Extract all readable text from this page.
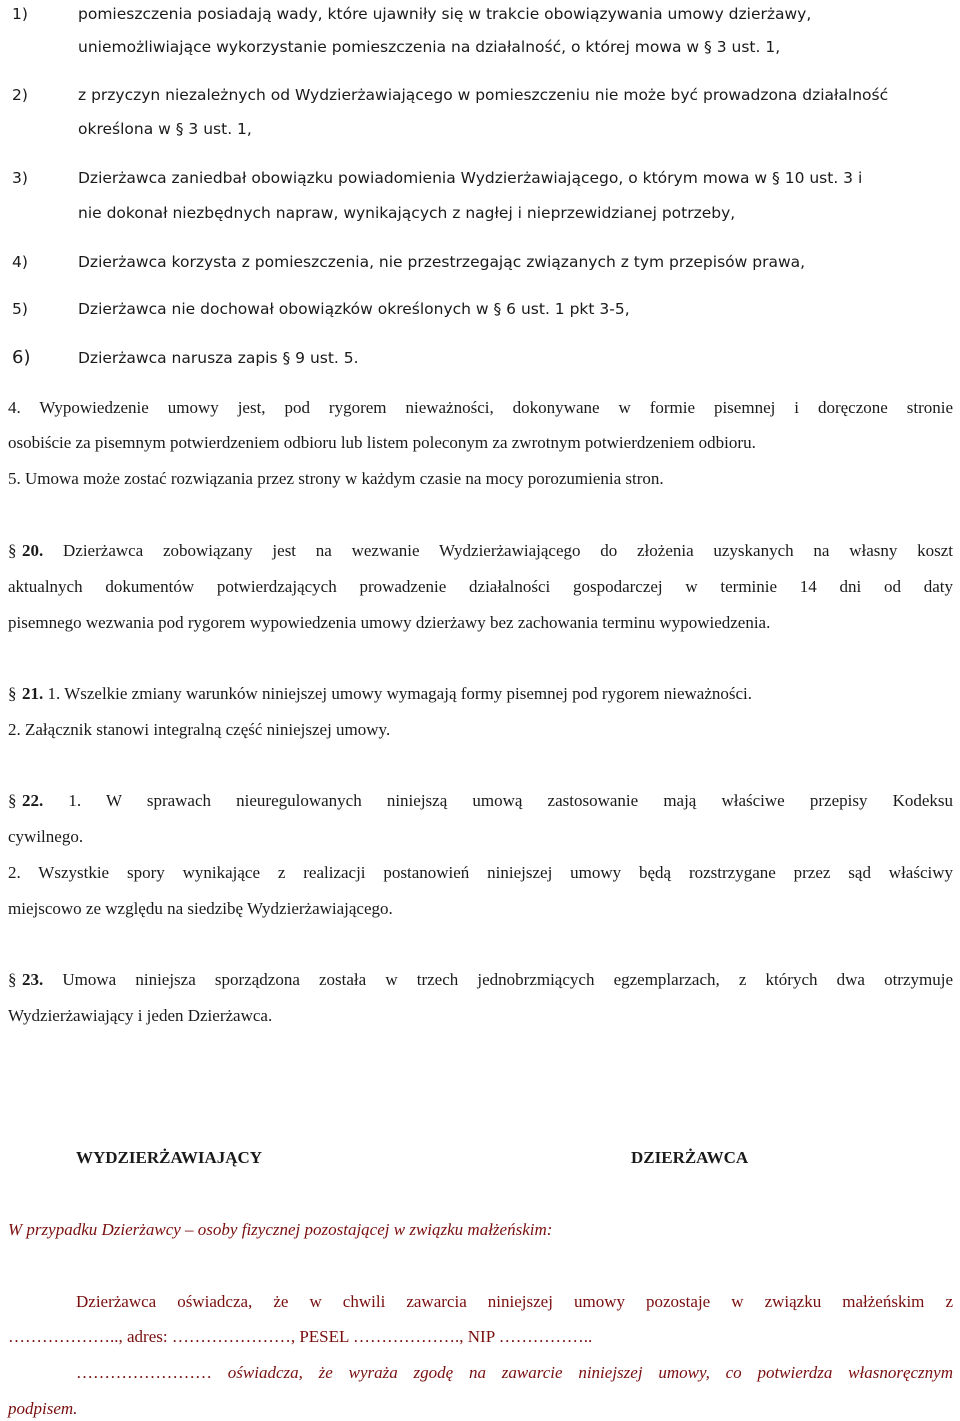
1)	pomieszczenia posiadają wady, które ujawniły się w trakcie obowiązywania umowy dzierżawy,
uniemożliwiające wykorzystanie pomieszczenia na działalność, o której mowa w § 3 ust. 1,
2)	z przyczyn niezależnych od Wydzierżawiającego w pomieszczeniu nie może być prowadzona działalność
określona w § 3 ust. 1,
3)	Dzierżawca zaniedbał obowiązku powiadomienia Wydzierżawiającego, o którym mowa w § 10 ust. 3 i
nie dokonał niezbędnych napraw, wynikających z nagłej i nieprzewidzianej potrzeby,
4)	Dzierżawca korzysta z pomieszczenia, nie przestrzegając związanych z tym przepisów prawa,
5)	Dzierżawca nie dochował obowiązków określonych w § 6 ust. 1 pkt 3-5,
6)	Dzierżawca narusza zapis § 9 ust. 5.
4. Wypowiedzenie umowy jest, pod rygorem nieważności, dokonywane w formie pisemnej i doręczone stronie
osobiście za pisemnym potwierdzeniem odbioru lub listem poleconym za zwrotnym potwierdzeniem odbioru.
5. Umowa może zostać rozwiązania przez strony w każdym czasie na mocy porozumienia stron.
§ 20. Dzierżawca zobowiązany jest na wezwanie Wydzierżawiającego do złożenia uzyskanych na własny koszt
aktualnych dokumentów potwierdzających prowadzenie działalności gospodarczej w terminie 14 dni od daty
pisemnego wezwania pod rygorem wypowiedzenia umowy dzierżawy bez zachowania terminu wypowiedzenia.
§ 21. 1. Wszelkie zmiany warunków niniejszej umowy wymagają formy pisemnej pod rygorem nieważności.
2. Załącznik stanowi integralną część niniejszej umowy.
§ 22. 1. W sprawach nieuregulowanych niniejszą umową zastosowanie mają właściwe przepisy Kodeksu
cywilnego.
2. Wszystkie spory wynikające z realizacji postanowień niniejszej umowy będą rozstrzygane przez sąd właściwy
miejscowo ze względu na siedzibę Wydzierżawiającego.
§ 23. Umowa niniejsza sporządzona została w trzech jednobrzmiących egzemplarzach, z których dwa otrzymuje
Wydzierżawiający i jeden Dzierżawca.
WYDZIERŻAWIAJĄCY	DZIERŻAWCA
W przypadku Dzierżawcy – osoby fizycznej pozostającej w związku małżeńskim:
Dzierżawca oświadcza, że w chwili zawarcia niniejszej umowy pozostaje w związku małżeńskim z
……………….., adres: …………………, PESEL ………………., NIP ……………..
…………………… oświadcza, że wyraża zgodę na zawarcie niniejszej umowy, co potwierdza własnoręcznym
podpisem.
